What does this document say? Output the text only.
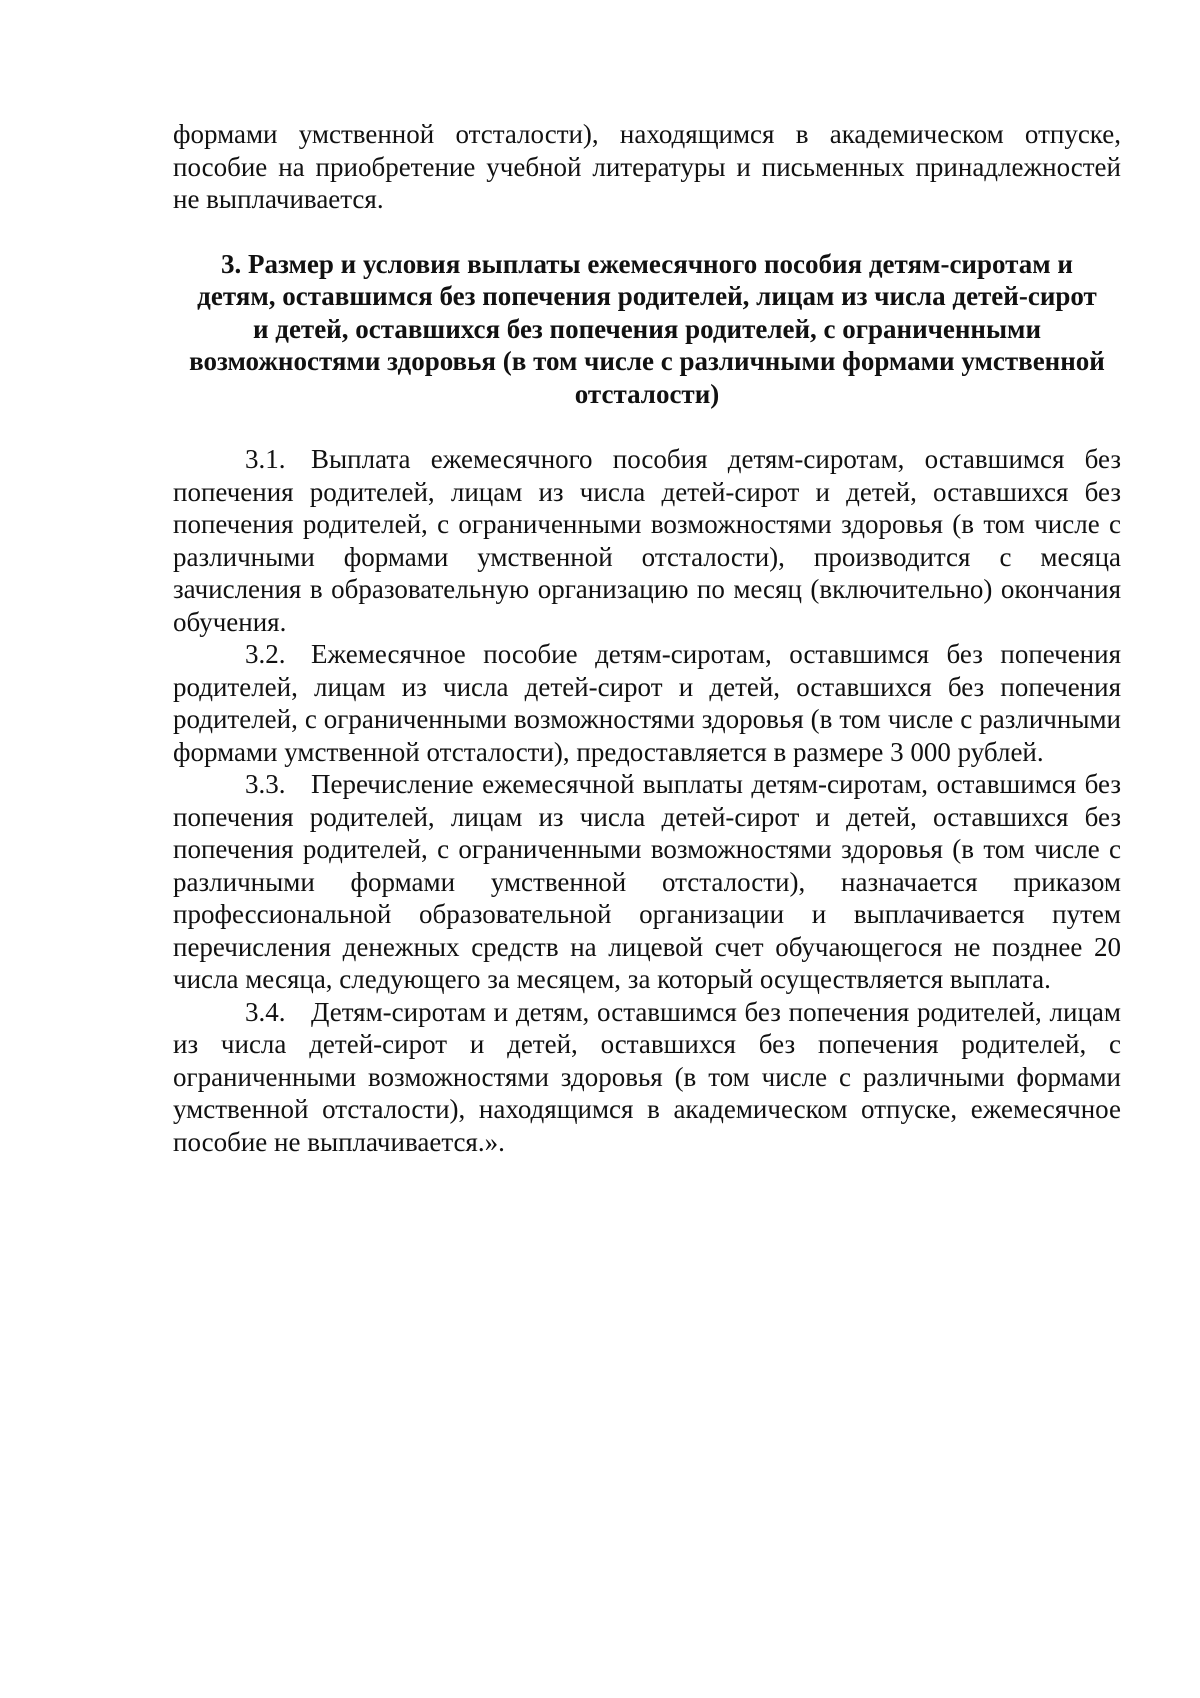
формами умственной отсталости), находящимся в академическом отпуске, пособие на приобретение учебной литературы и письменных принадлежностей не выплачивается.

3. Размер и условия выплаты ежемесячного пособия детям-сиротам и детям, оставшимся без попечения родителей, лицам из числа детей-сирот и детей, оставшихся без попечения родителей, с ограниченными возможностями здоровья (в том числе с различными формами умственной отсталости)

3.1. Выплата ежемесячного пособия детям-сиротам, оставшимся без попечения родителей, лицам из числа детей-сирот и детей, оставшихся без попечения родителей, с ограниченными возможностями здоровья (в том числе с различными формами умственной отсталости), производится с месяца зачисления в образовательную организацию по месяц (включительно) окончания обучения.

3.2. Ежемесячное пособие детям-сиротам, оставшимся без попечения родителей, лицам из числа детей-сирот и детей, оставшихся без попечения родителей, с ограниченными возможностями здоровья (в том числе с различными формами умственной отсталости), предоставляется в размере 3 000 рублей.

3.3. Перечисление ежемесячной выплаты детям-сиротам, оставшимся без попечения родителей, лицам из числа детей-сирот и детей, оставшихся без попечения родителей, с ограниченными возможностями здоровья (в том числе с различными формами умственной отсталости), назначается приказом профессиональной образовательной организации и выплачивается путем перечисления денежных средств на лицевой счет обучающегося не позднее 20 числа месяца, следующего за месяцем, за который осуществляется выплата.

3.4. Детям-сиротам и детям, оставшимся без попечения родителей, лицам из числа детей-сирот и детей, оставшихся без попечения родителей, с ограниченными возможностями здоровья (в том числе с различными формами умственной отсталости), находящимся в академическом отпуске, ежемесячное пособие не выплачивается.».
